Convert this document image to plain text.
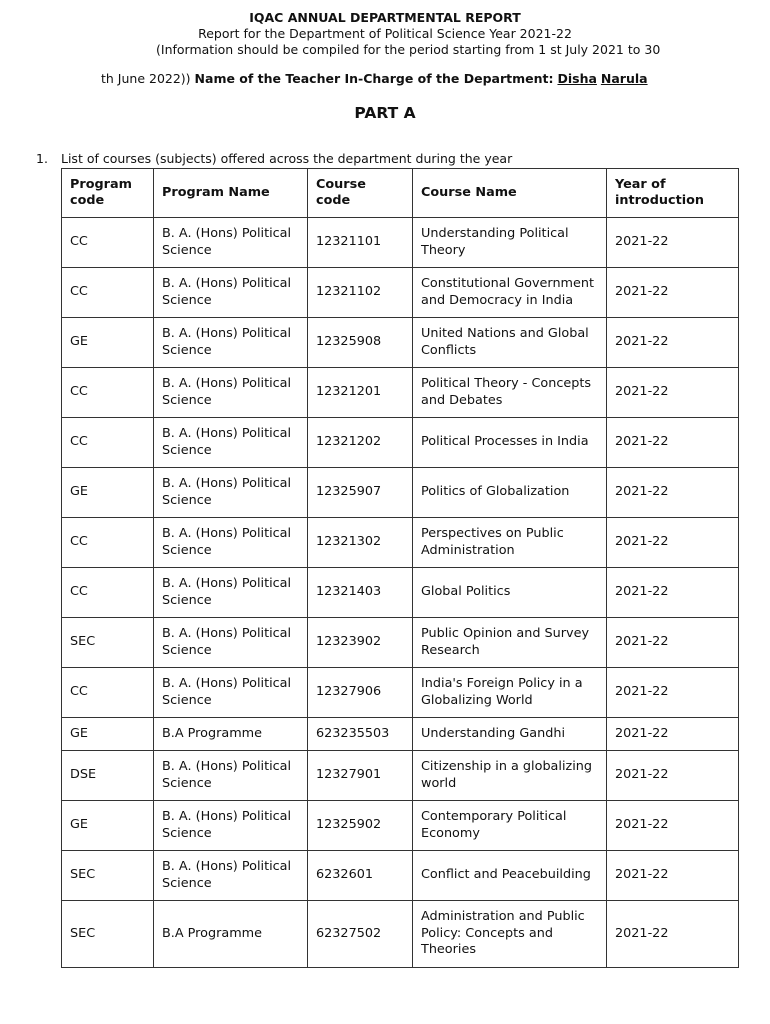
IQAC ANNUAL DEPARTMENTAL REPORT
Report for the Department of Political Science Year 2021-22
(Information should be compiled for the period starting from 1 st July 2021 to 30
th June 2022)) Name of the Teacher In-Charge of the Department: Disha Narula
PART A
1. List of courses (subjects) offered across the department during the year
Program code	Program Name	Course code	Course Name	Year of introduction
CC	B. A. (Hons) Political Science	12321101	Understanding Political Theory	2021-22
CC	B. A. (Hons) Political Science	12321102	Constitutional Government and Democracy in India	2021-22
GE	B. A. (Hons) Political Science	12325908	United Nations and Global Conflicts	2021-22
CC	B. A. (Hons) Political Science	12321201	Political Theory - Concepts and Debates	2021-22
CC	B. A. (Hons) Political Science	12321202	Political Processes in India	2021-22
GE	B. A. (Hons) Political Science	12325907	Politics of Globalization	2021-22
CC	B. A. (Hons) Political Science	12321302	Perspectives on Public Administration	2021-22
CC	B. A. (Hons) Political Science	12321403	Global Politics	2021-22
SEC	B. A. (Hons) Political Science	12323902	Public Opinion and Survey Research	2021-22
CC	B. A. (Hons) Political Science	12327906	India's Foreign Policy in a Globalizing World	2021-22
GE	B.A Programme	623235503	Understanding Gandhi	2021-22
DSE	B. A. (Hons) Political Science	12327901	Citizenship in a globalizing world	2021-22
GE	B. A. (Hons) Political Science	12325902	Contemporary Political Economy	2021-22
SEC	B. A. (Hons) Political Science	6232601	Conflict and Peacebuilding	2021-22
SEC	B.A Programme	62327502	Administration and Public Policy: Concepts and Theories	2021-22
